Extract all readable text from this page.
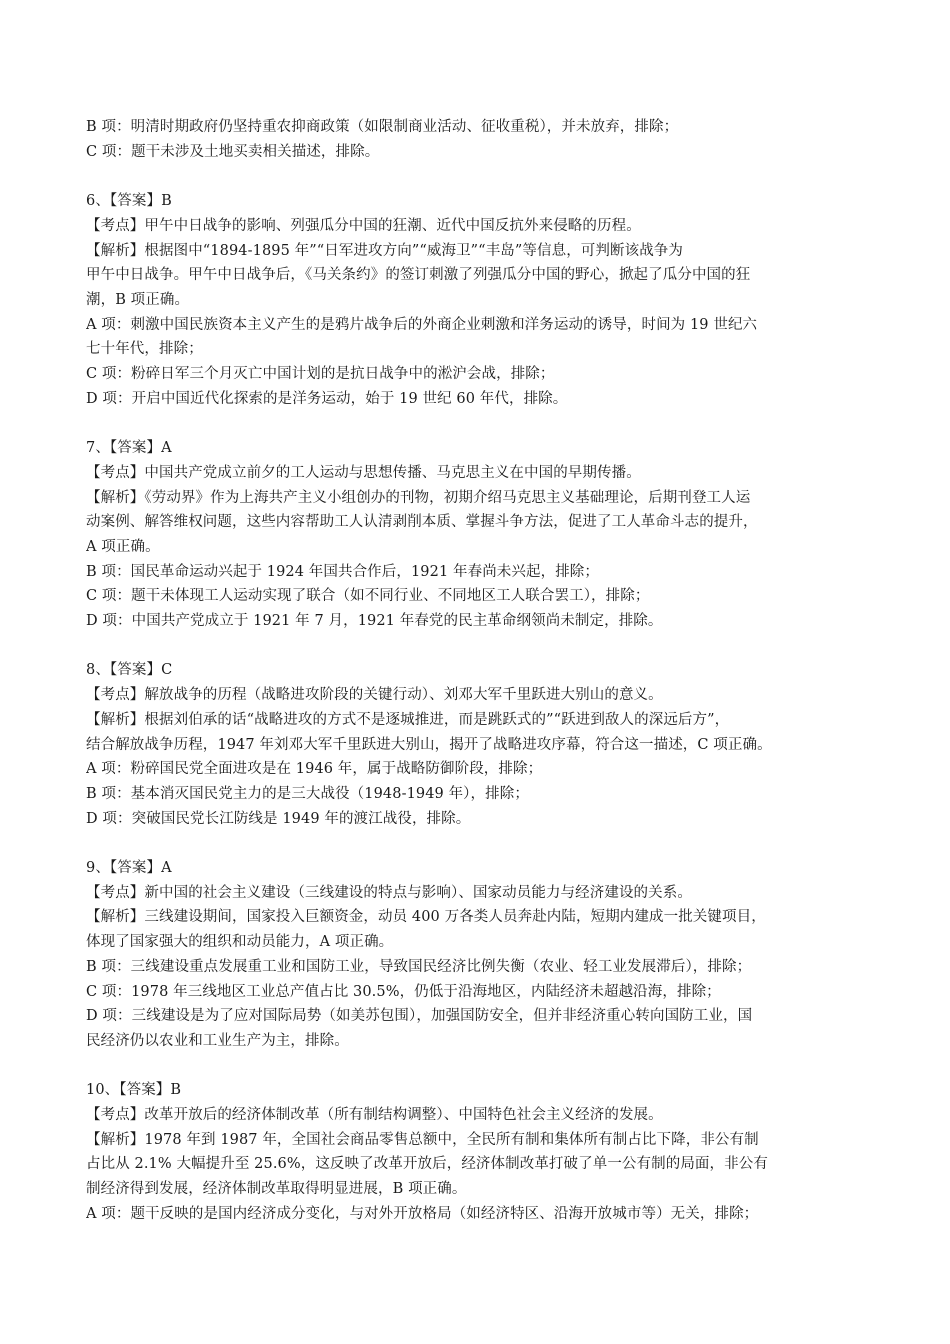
B 项：明清时期政府仍坚持重农抑商政策（如限制商业活动、征收重税），并未放弃，排除；
C 项：题干未涉及土地买卖相关描述，排除。
6、【答案】B
【考点】甲午中日战争的影响、列强瓜分中国的狂潮、近代中国反抗外来侵略的历程。
【解析】根据图中“1894-1895 年”“日军进攻方向”“威海卫”“丰岛”等信息，可判断该战争为
甲午中日战争。甲午中日战争后，《马关条约》的签订刺激了列强瓜分中国的野心，掀起了瓜分中国的狂
潮，B 项正确。
A 项：刺激中国民族资本主义产生的是鸦片战争后的外商企业刺激和洋务运动的诱导，时间为 19 世纪六
七十年代，排除；
C 项：粉碎日军三个月灭亡中国计划的是抗日战争中的淞沪会战，排除；
D 项：开启中国近代化探索的是洋务运动，始于 19 世纪 60 年代，排除。
7、【答案】A
【考点】中国共产党成立前夕的工人运动与思想传播、马克思主义在中国的早期传播。
【解析】《劳动界》作为上海共产主义小组创办的刊物，初期介绍马克思主义基础理论，后期刊登工人运
动案例、解答维权问题，这些内容帮助工人认清剥削本质、掌握斗争方法，促进了工人革命斗志的提升，
A 项正确。
B 项：国民革命运动兴起于 1924 年国共合作后，1921 年春尚未兴起，排除；
C 项：题干未体现工人运动实现了联合（如不同行业、不同地区工人联合罢工），排除；
D 项：中国共产党成立于 1921 年 7 月，1921 年春党的民主革命纲领尚未制定，排除。
8、【答案】C
【考点】解放战争的历程（战略进攻阶段的关键行动）、刘邓大军千里跃进大别山的意义。
【解析】根据刘伯承的话“战略进攻的方式不是逐城推进，而是跳跃式的”“跃进到敌人的深远后方”，
结合解放战争历程，1947 年刘邓大军千里跃进大别山，揭开了战略进攻序幕，符合这一描述，C 项正确。
A 项：粉碎国民党全面进攻是在 1946 年，属于战略防御阶段，排除；
B 项：基本消灭国民党主力的是三大战役（1948-1949 年），排除；
D 项：突破国民党长江防线是 1949 年的渡江战役，排除。
9、【答案】A
【考点】新中国的社会主义建设（三线建设的特点与影响）、国家动员能力与经济建设的关系。
【解析】三线建设期间，国家投入巨额资金，动员 400 万各类人员奔赴内陆，短期内建成一批关键项目，
体现了国家强大的组织和动员能力，A 项正确。
B 项：三线建设重点发展重工业和国防工业，导致国民经济比例失衡（农业、轻工业发展滞后），排除；
C 项：1978 年三线地区工业总产值占比 30.5%，仍低于沿海地区，内陆经济未超越沿海，排除；
D 项：三线建设是为了应对国际局势（如美苏包围），加强国防安全，但并非经济重心转向国防工业，国
民经济仍以农业和工业生产为主，排除。
10、【答案】B
【考点】改革开放后的经济体制改革（所有制结构调整）、中国特色社会主义经济的发展。
【解析】1978 年到 1987 年，全国社会商品零售总额中，全民所有制和集体所有制占比下降，非公有制
占比从 2.1% 大幅提升至 25.6%，这反映了改革开放后，经济体制改革打破了单一公有制的局面，非公有
制经济得到发展，经济体制改革取得明显进展，B 项正确。
A 项：题干反映的是国内经济成分变化，与对外开放格局（如经济特区、沿海开放城市等）无关，排除；
